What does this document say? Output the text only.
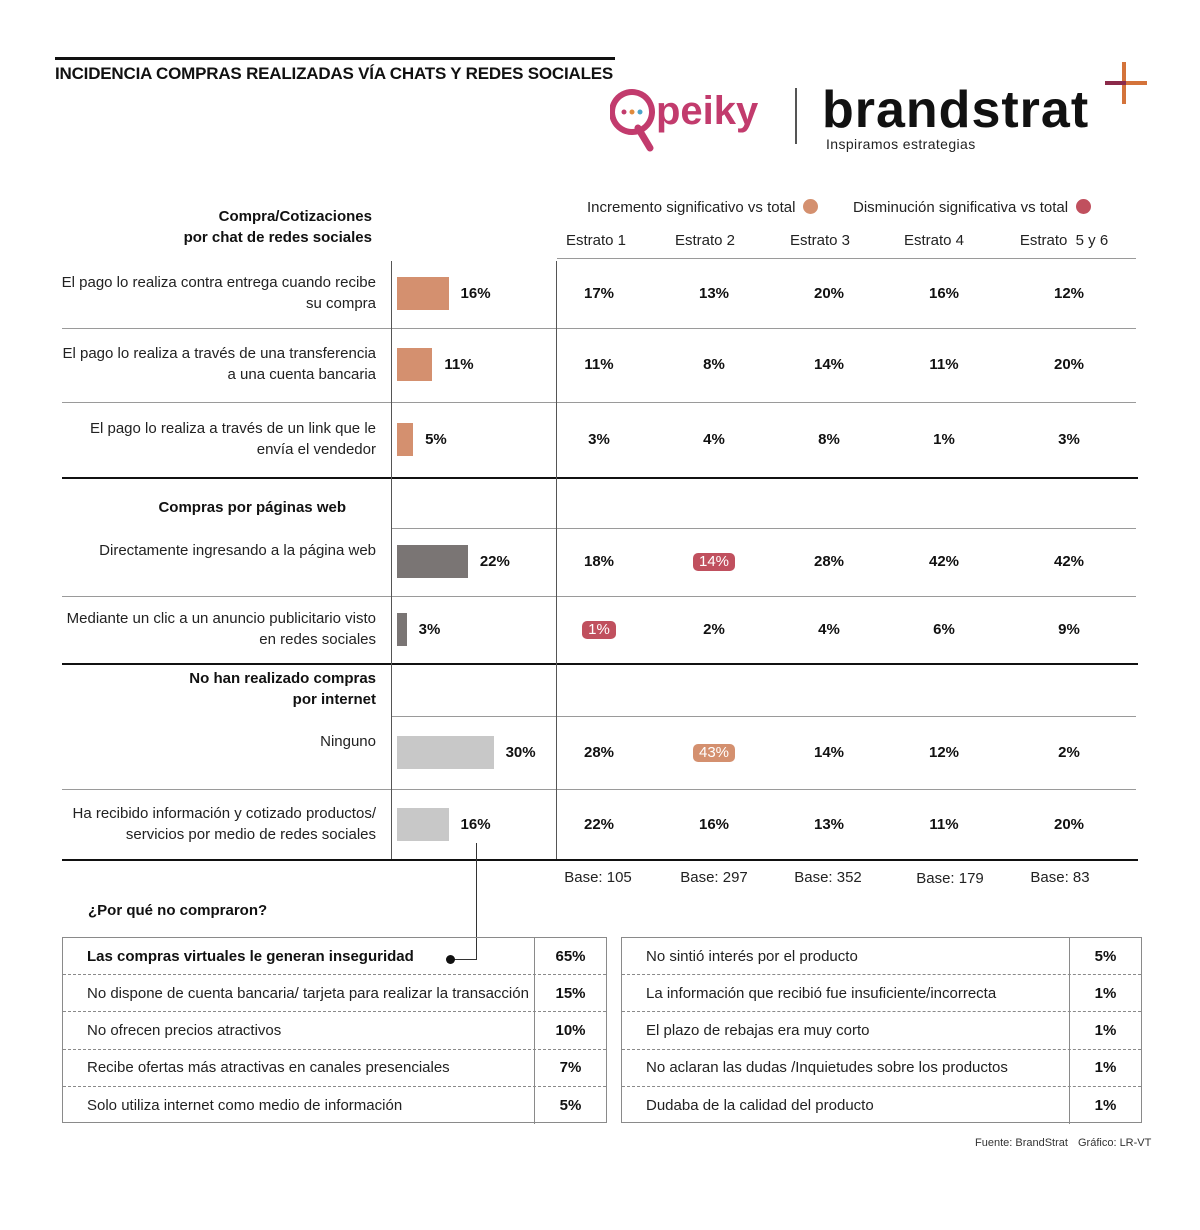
INCIDENCIA COMPRAS REALIZADAS VÍA CHATS Y REDES SOCIALES
peiky brandstrat
Inspiramos estrategias
Incremento significativo vs total	Disminución significativa vs total
Estrato 1	Estrato 2	Estrato 3	Estrato 4	Estrato  5 y 6
Compra/Cotizaciones
por chat de redes sociales
El pago lo realiza contra entrega cuando recibe su compra
16%	17%	13%	20%	16%	12%
El pago lo realiza a través de una transferencia a una cuenta bancaria
11%	11%	8%	14%	11%	20%
El pago lo realiza a través de un link que le envía el vendedor
5%	3%	4%	8%	1%	3%
Compras por páginas web
Directamente ingresando a la página web
22%	18%	14%	28%	42%	42%
Mediante un clic a un anuncio publicitario visto en redes sociales
3%	1%	2%	4%	6%	9%
No han realizado compras
por internet
Ninguno
30%	28%	43%	14%	12%	2%
Ha recibido información y cotizado productos/ servicios por medio de redes sociales
16%	22%	16%	13%	11%	20%
Base: 105	Base: 297	Base: 352	Base: 179	Base: 83
¿Por qué no compraron?
Las compras virtuales le generan inseguridad	65%
No dispone de cuenta bancaria/ tarjeta para realizar la transacción	15%
No ofrecen precios atractivos	10%
Recibe ofertas más atractivas en canales presenciales	7%
Solo utiliza internet como medio de información	5%
No sintió interés por el producto	5%
La información que recibió fue insuficiente/incorrecta	1%
El plazo de rebajas era muy corto	1%
No aclaran las dudas /Inquietudes sobre los productos	1%
Dudaba de la calidad del producto	1%
Fuente: BrandStrat Gráfico: LR-VT
